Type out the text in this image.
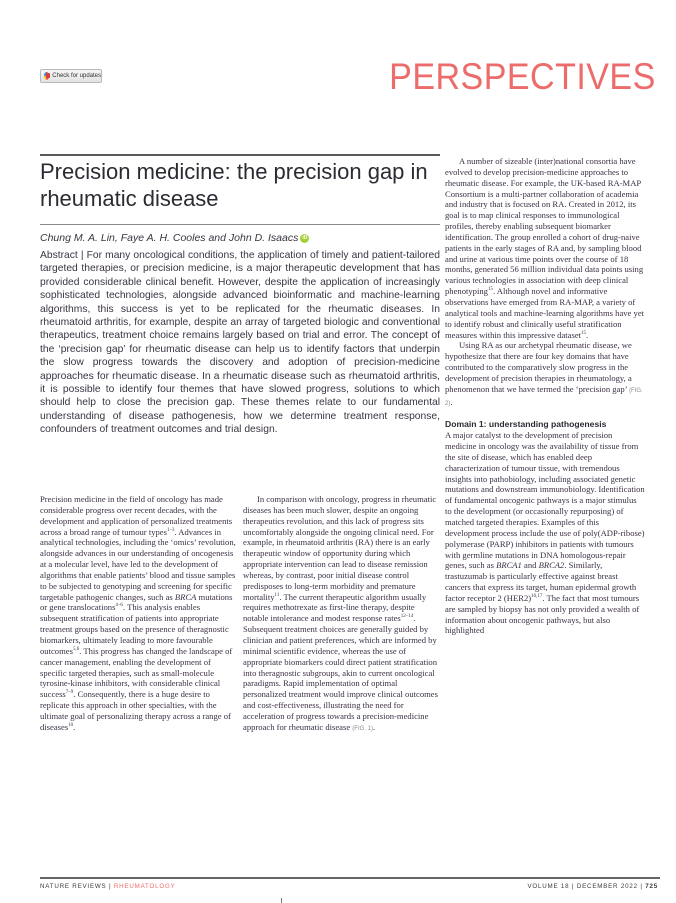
Check for updates	PERSPECTIVES
Precision medicine: the precision gap in rheumatic disease
Chung M. A. Lin, Faye A. H. Cooles and John D. Isaacs iD
Abstract | For many oncological conditions, the application of timely and patient-tailored targeted therapies, or precision medicine, is a major therapeutic development that has provided considerable clinical benefit. However, despite the application of increasingly sophisticated technologies, alongside advanced bioinformatic and machine-learning algorithms, this success is yet to be replicated for the rheumatic diseases. In rheumatoid arthritis, for example, despite an array of targeted biologic and conventional therapeutics, treatment choice remains largely based on trial and error. The concept of the ‘precision gap’ for rheumatic disease can help us to identify factors that underpin the slow progress towards the discovery and adoption of precision-medicine approaches for rheumatic disease. In a rheumatic disease such as rheumatoid arthritis, it is possible to identify four themes that have slowed progress, solutions to which should help to close the precision gap. These themes relate to our fundamental understanding of disease pathogenesis, how we determine treatment response, confounders of treatment outcomes and trial design.

Precision medicine in the field of oncology has made considerable progress over recent decades, with the development and application of personalized treatments across a broad range of tumour types$^{1-3}$. Advances in analytical technologies, including the ‘omics’ revolution, alongside advances in our understanding of oncogenesis at a molecular level, have led to the development of algorithms that enable patients’ blood and tissue samples to be subjected to genotyping and screening for specific targetable pathogenic changes, such as BRCA mutations or gene translocations$^{4-6}$. This analysis enables subsequent stratification of patients into appropriate treatment groups based on the presence of theragnostic biomarkers, ultimately leading to more favourable outcomes$^{5,6}$. This progress has changed the landscape of cancer management, enabling the development of specific targeted therapies, such as small-molecule tyrosine-kinase inhibitors, with considerable clinical success$^{7-9}$. Consequently, there is a huge desire to replicate this approach in other specialties, with the ultimate goal of personalizing therapy across a range of diseases$^{10}$.

In comparison with oncology, progress in rheumatic diseases has been much slower, despite an ongoing therapeutics revolution, and this lack of progress sits uncomfortably alongside the ongoing clinical need. For example, in rheumatoid arthritis (RA) there is an early therapeutic window of opportunity during which appropriate intervention can lead to disease remission whereas, by contrast, poor initial disease control predisposes to long-term morbidity and premature mortality$^{11}$. The current therapeutic algorithm usually requires methotrexate as first-line therapy, despite notable intolerance and modest response rates$^{12-14}$. Subsequent treatment choices are generally guided by clinician and patient preferences, which are informed by minimal scientific evidence, whereas the use of appropriate biomarkers could direct patient stratification into theragnostic subgroups, akin to current oncological paradigms. Rapid implementation of optimal personalized treatment would improve clinical outcomes and cost-effectiveness, illustrating the need for acceleration of progress towards a precision-medicine approach for rheumatic disease (FIG. 1).

A number of sizeable (inter)national consortia have evolved to develop precision-medicine approaches to rheumatic disease. For example, the UK-based RA-MAP Consortium is a multi-partner collaboration of academia and industry that is focused on RA. Created in 2012, its goal is to map clinical responses to immunological profiles, thereby enabling subsequent biomarker identification. The group enrolled a cohort of drug-naive patients in the early stages of RA and, by sampling blood and urine at various time points over the course of 18 months, generated 56 million individual data points using various technologies in association with deep clinical phenotyping$^{15}$. Although novel and informative observations have emerged from RA-MAP, a variety of analytical tools and machine-learning algorithms have yet to identify robust and clinically useful stratification measures within this impressive dataset$^{15}$.

Using RA as our archetypal rheumatic disease, we hypothesize that there are four key domains that have contributed to the comparatively slow progress in the development of precision therapies in rheumatology, a phenomenon that we have termed the ‘precision gap’ (FIG. 2).

Domain 1: understanding pathogenesis

A major catalyst to the development of precision medicine in oncology was the availability of tissue from the site of disease, which has enabled deep characterization of tumour tissue, with tremendous insights into pathobiology, including associated genetic mutations and downstream immunobiology. Identification of fundamental oncogenic pathways is a major stimulus to the development (or occasionally repurposing) of matched targeted therapies. Examples of this development process include the use of poly(ADP-ribose) polymerase (PARP) inhibitors in patients with tumours with germline mutations in DNA homologous-repair genes, such as BRCA1 and BRCA2. Similarly, trastuzumab is particularly effective against breast cancers that express its target, human epidermal growth factor receptor 2 $(HER2)^{16,17}$. The fact that most tumours are sampled by biopsy has not only provided a wealth of information about oncogenic pathways, but also highlighted

NATURE REVIEWS | RHEUMATOLOGY	VOLUME 18 | DECEMBER 2022 | 725
